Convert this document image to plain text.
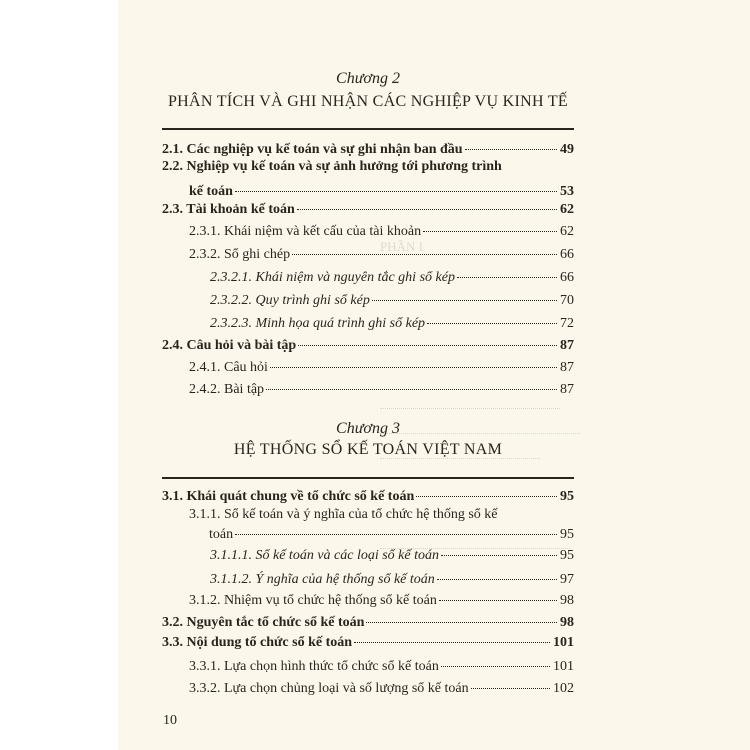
PHẦN I
Chương 2
PHÂN TÍCH VÀ GHI NHẬN CÁC NGHIỆP VỤ KINH TẾ
2.1. Các nghiệp vụ kế toán và sự ghi nhận ban đầu	49
2.2. Nghiệp vụ kế toán và sự ảnh hưởng tới phương trình
kế toán	53
2.3. Tài khoản kế toán	62
2.3.1. Khái niệm và kết cấu của tài khoản	62
2.3.2. Sổ ghi chép	66
2.3.2.1. Khái niệm và nguyên tắc ghi sổ kép	66
2.3.2.2. Quy trình ghi sổ kép	70
2.3.2.3. Minh họa quá trình ghi sổ kép	72
2.4. Câu hỏi và bài tập	87
2.4.1. Câu hỏi	87
2.4.2. Bài tập	87
Chương 3
HỆ THỐNG SỔ KẾ TOÁN VIỆT NAM
3.1. Khái quát chung về tổ chức sổ kế toán	95
3.1.1. Sổ kế toán và ý nghĩa của tổ chức hệ thống sổ kế
toán	95
3.1.1.1. Sổ kế toán và các loại sổ kế toán	95
3.1.1.2. Ý nghĩa của hệ thống sổ kế toán	97
3.1.2. Nhiệm vụ tổ chức hệ thống sổ kế toán	98
3.2. Nguyên tắc tổ chức sổ kế toán	98
3.3. Nội dung tổ chức sổ kế toán	101
3.3.1. Lựa chọn hình thức tổ chức sổ kế toán	101
3.3.2. Lựa chọn chủng loại và số lượng sổ kế toán	102
10
